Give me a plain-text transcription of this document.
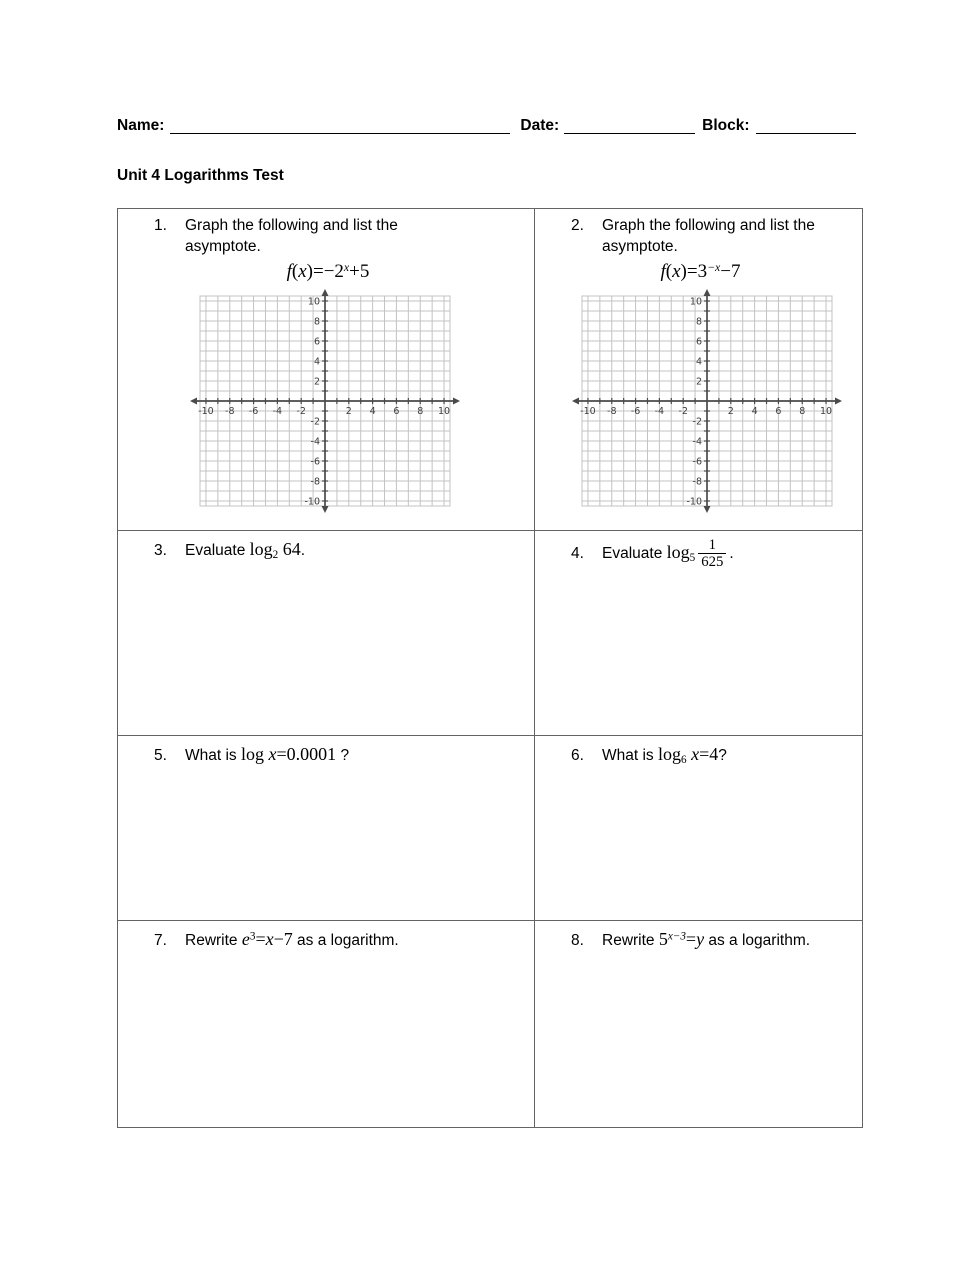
Name:	Date:	Block:
Unit 4 Logarithms Test
1.	Graph the following and list the
asymptote.
$f(x)=-2^x+5$
-10
-10
-8
-8
-6
-6
-4
-4
-2
-2
2
2
4
4
6
6
8
8
10
10

2.	Graph the following and list the
asymptote.
$f(x)=3^{-x}-7$
-10
-10
-8
-8
-6
-6
-4
-4
-2
-2
2
2
4
4
6
6
8
8
10
10

3. Evaluate $\log_2 64$.	4. Evaluate $\log_5 \frac{1}{625}$ .

5. What is log x=0.0001 ?	6. What is $\log_6 x=4$?

7. Rewrite $e^3=x-7$ as a logarithm.	8. Rewrite $5^{x-3}=y$ as a logarithm.
